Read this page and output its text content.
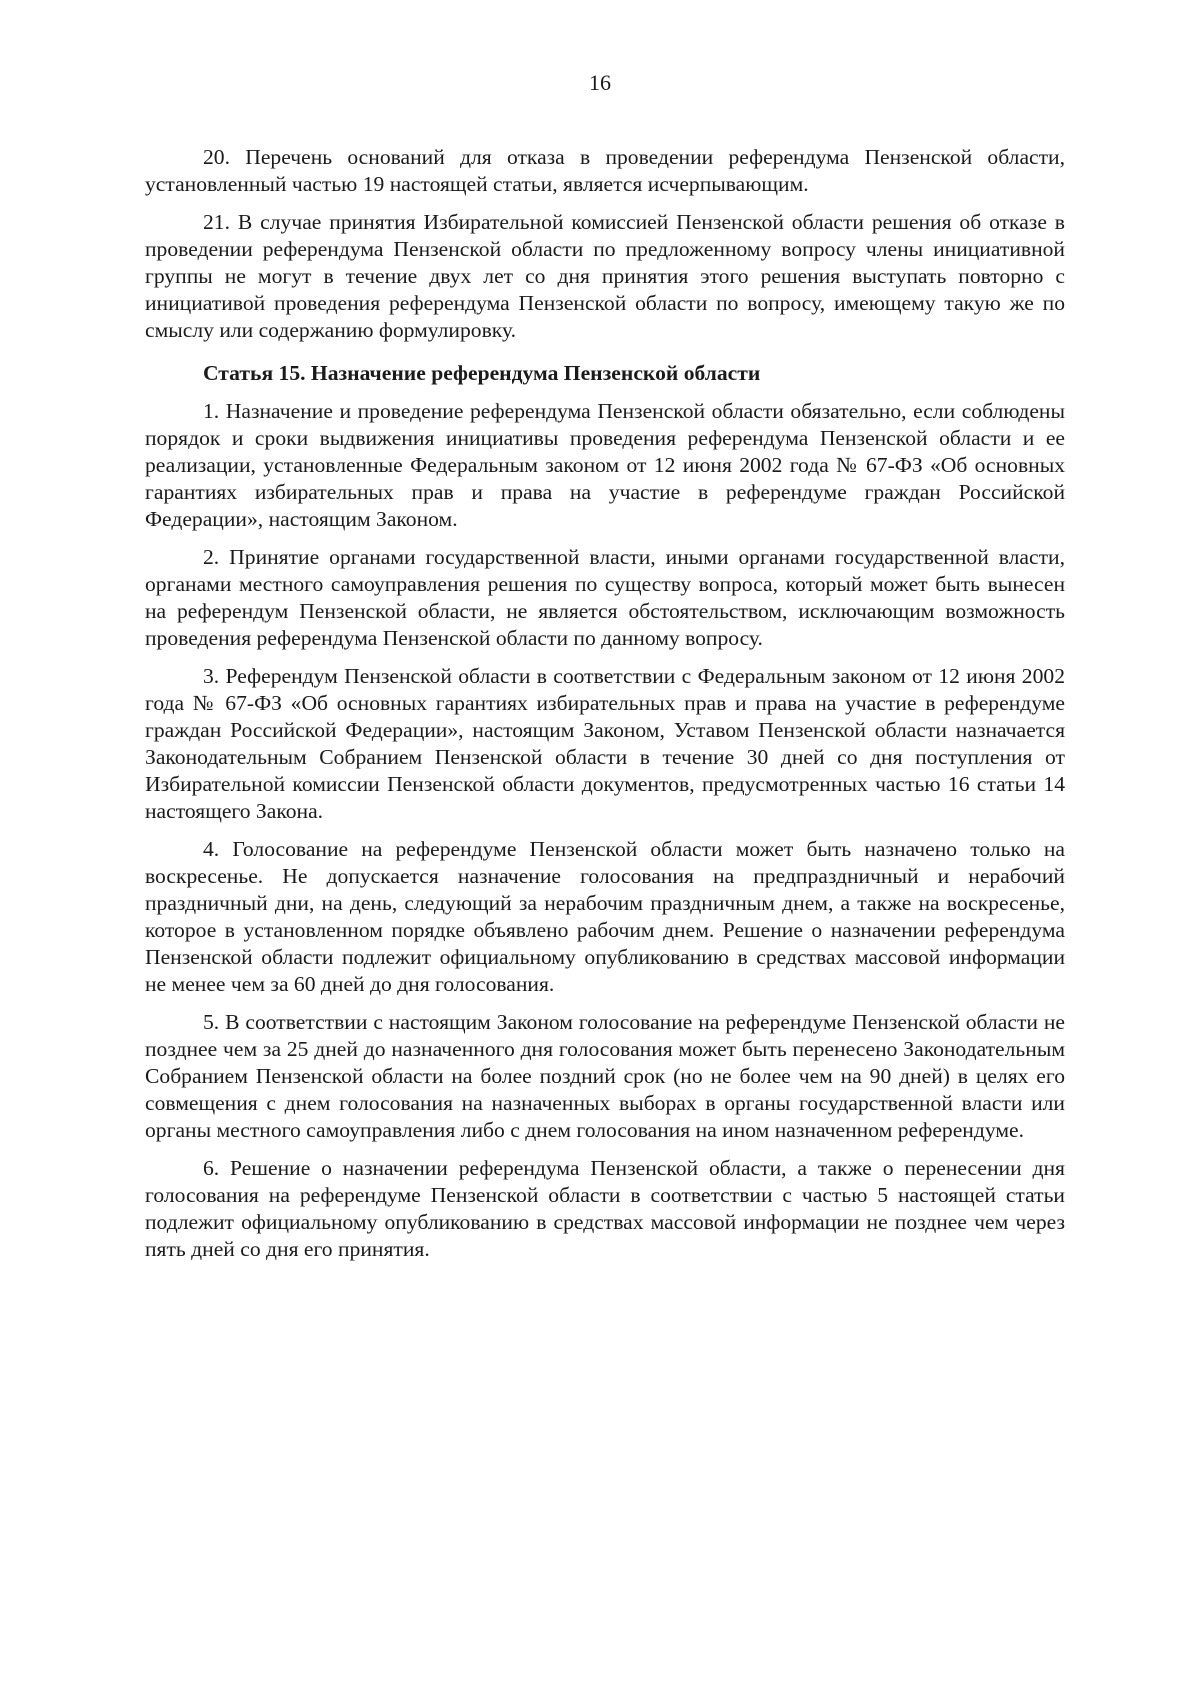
16

20. Перечень оснований для отказа в проведении референдума Пензенской области, установленный частью 19 настоящей статьи, является исчерпывающим.

21. В случае принятия Избирательной комиссией Пензенской области решения об отказе в проведении референдума Пензенской области по предложенному вопросу члены инициативной группы не могут в течение двух лет со дня принятия этого решения выступать повторно с инициативой проведения референдума Пензенской области по вопросу, имеющему такую же по смыслу или содержанию формулировку.

Статья 15. Назначение референдума Пензенской области

1. Назначение и проведение референдума Пензенской области обязательно, если соблюдены порядок и сроки выдвижения инициативы проведения референдума Пензенской области и ее реализации, установленные Федеральным законом от 12 июня 2002 года № 67-ФЗ «Об основных гарантиях избирательных прав и права на участие в референдуме граждан Российской Федерации», настоящим Законом.

2. Принятие органами государственной власти, иными органами государственной власти, органами местного самоуправления решения по существу вопроса, который может быть вынесен на референдум Пензенской области, не является обстоятельством, исключающим возможность проведения референдума Пензенской области по данному вопросу.

3. Референдум Пензенской области в соответствии с Федеральным законом от 12 июня 2002 года № 67-ФЗ «Об основных гарантиях избирательных прав и права на участие в референдуме граждан Российской Федерации», настоящим Законом, Уставом Пензенской области назначается Законодательным Собранием Пензенской области в течение 30 дней со дня поступления от Избирательной комиссии Пензенской области документов, предусмотренных частью 16 статьи 14 настоящего Закона.

4. Голосование на референдуме Пензенской области может быть назначено только на воскресенье. Не допускается назначение голосования на предпраздничный и нерабочий праздничный дни, на день, следующий за нерабочим праздничным днем, а также на воскресенье, которое в установленном порядке объявлено рабочим днем. Решение о назначении референдума Пензенской области подлежит официальному опубликованию в средствах массовой информации не менее чем за 60 дней до дня голосования.

5. В соответствии с настоящим Законом голосование на референдуме Пензенской области не позднее чем за 25 дней до назначенного дня голосования может быть перенесено Законодательным Собранием Пензенской области на более поздний срок (но не более чем на 90 дней) в целях его совмещения с днем голосования на назначенных выборах в органы государственной власти или органы местного самоуправления либо с днем голосования на ином назначенном референдуме.

6. Решение о назначении референдума Пензенской области, а также о перенесении дня голосования на референдуме Пензенской области в соответствии с частью 5 настоящей статьи подлежит официальному опубликованию в средствах массовой информации не позднее чем через пять дней со дня его принятия.
